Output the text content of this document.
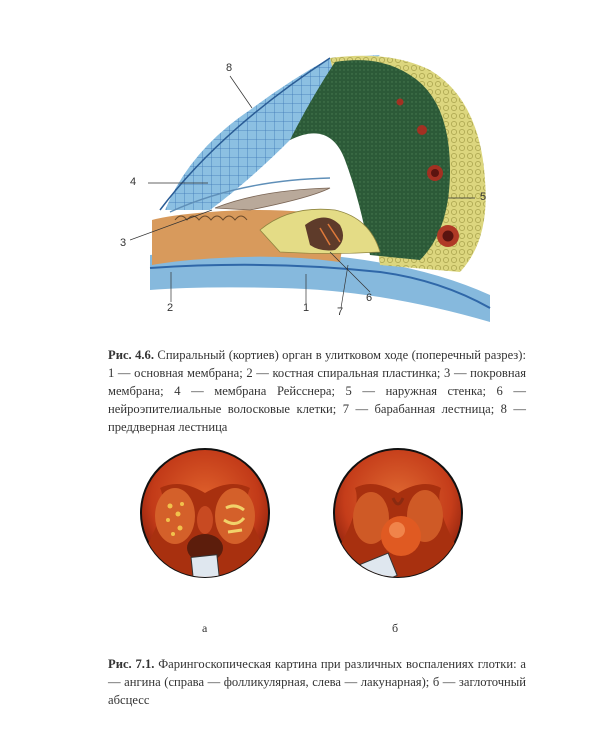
8
4
3
2	1	7
6
5
Рис. 4.6. Спиральный (кортиев) орган в улитковом ходе (поперечный разрез): 1 — основная мембрана; 2 — костная спиральная пластинка; 3 — покровная мембрана; 4 — мембрана Рейсснера; 5 — наружная стенка; 6 — нейроэпителиальные волосковые клетки; 7 — барабанная лестница; 8 — преддверная лестница
а	б
Рис. 7.1. Фарингоскопическая картина при различных воспалениях глотки: а — ангина (справа — фолликулярная, слева — лакунарная); б — заглоточный абсцесс
